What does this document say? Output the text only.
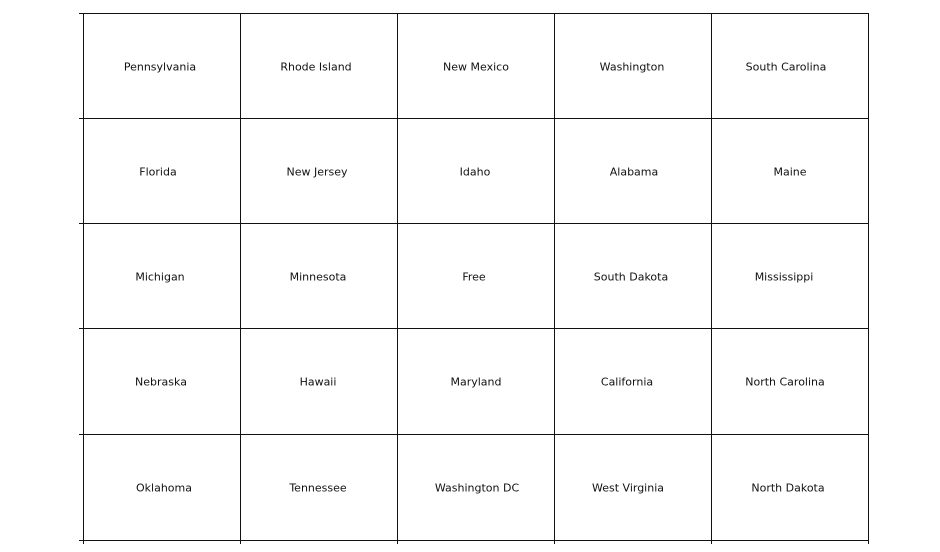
Pennsylvania	Rhode Island	New Mexico	Washington	South Carolina
Florida	New Jersey	Idaho	Alabama	Maine
Michigan	Minnesota	Free	South Dakota	Mississippi
Nebraska	Hawaii	Maryland	California	North Carolina
Oklahoma	Tennessee	Washington DC	West Virginia	North Dakota
